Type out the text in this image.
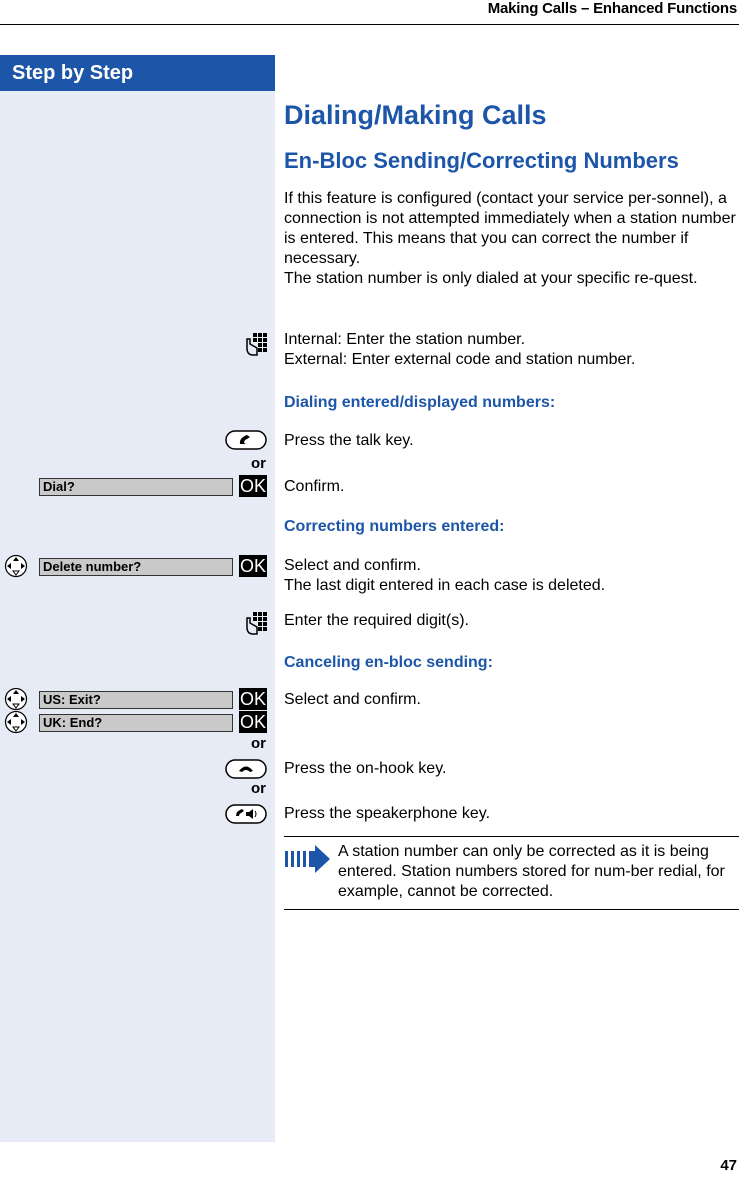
Making Calls – Enhanced Functions
Step by Step
Dialing/Making Calls
En-Bloc Sending/Correcting Numbers
If this feature is configured (contact your service per-sonnel), a connection is not attempted immediately when a station number is entered. This means that you can correct the number if necessary.
The station number is only dialed at your specific re-quest.
Internal: Enter the station number.
External: Enter external code and station number.
Dialing entered/displayed numbers:
Press the talk key.
or
Dial?	OK Confirm.
Correcting numbers entered:
Delete number?	OK Select and confirm.
The last digit entered in each case is deleted.
Enter the required digit(s).
Canceling en-bloc sending:
US: Exit?	OK Select and confirm.
UK: End?	OK
or
Press the on-hook key.
or
Press the speakerphone key.
A station number can only be corrected as it is being entered. Station numbers stored for num-ber redial, for example, cannot be corrected.
47
